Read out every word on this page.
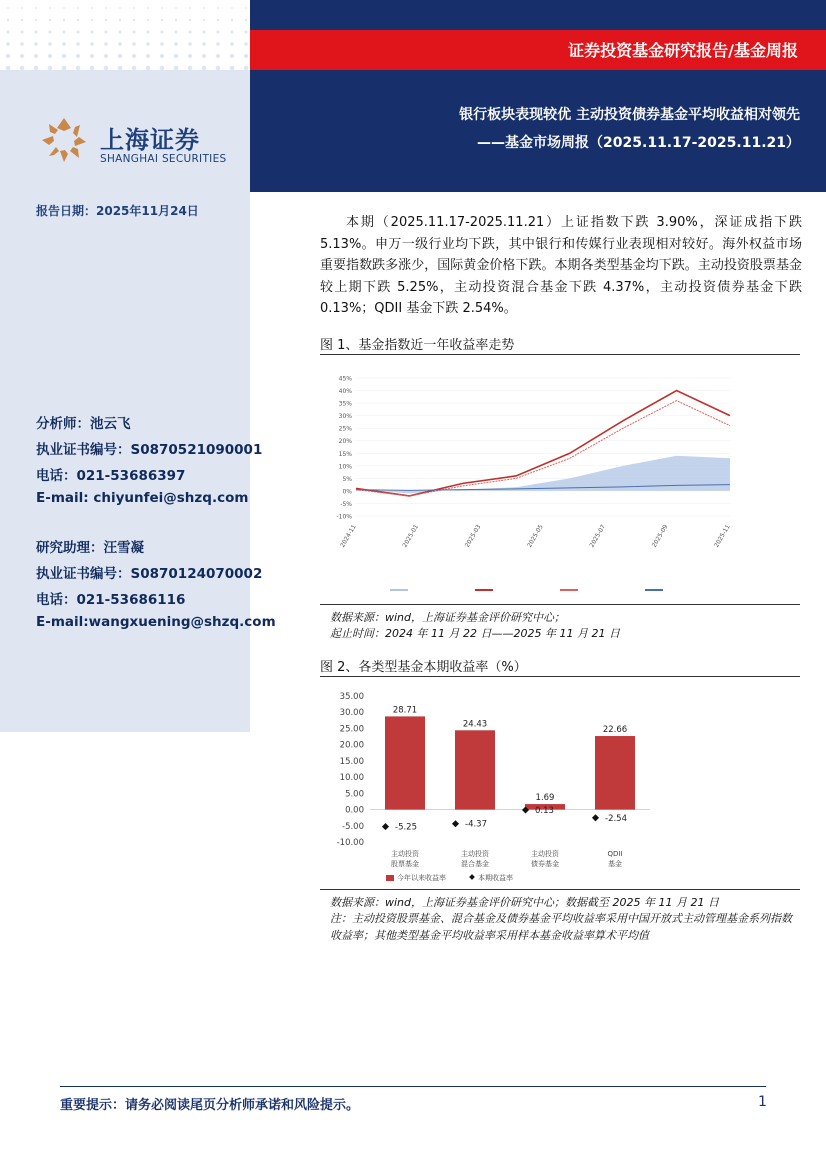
证券投资基金研究报告/基金周报
银行板块表现较优 主动投资债券基金平均收益相对领先
——基金市场周报（2025.11.17-2025.11.21）
上海证券
SHANGHAI SECURITIES
报告日期：2025年11月24日
分析师：池云飞
执业证书编号：S0870521090001
电话：021-53686397
E-mail: chiyunfei@shzq.com
研究助理：汪雪凝
执业证书编号：S0870124070002
电话：021-53686116
E-mail:wangxuening@shzq.com
本期（2025.11.17-2025.11.21）上证指数下跌 3.90%，深证成指下跌 5.13%。申万一级行业均下跌，其中银行和传媒行业表现相对较好。海外权益市场重要指数跌多涨少，国际黄金价格下跌。本期各类型基金均下跌。主动投资股票基金较上期下跌 5.25%，主动投资混合基金下跌 4.37%，主动投资债券基金下跌 0.13%；QDII 基金下跌 2.54%。
图 1、基金指数近一年收益率走势
45%
40%
35%
30%
25%
20%
15%
10%
5%
0%
-5%
-10%
2024-11	2025-01	2025-03	2025-05	2025-07	2025-09	2025-11
数据来源：wind，上海证券基金评价研究中心；
起止时间：2024 年 11 月 22 日——2025 年 11 月 21 日
图 2、各类型基金本期收益率（%）
35.00
30.00
25.00
20.00
15.00
10.00
5.00
0.00
-5.00
-10.00
28.71
-5.25
主动投资
股票基金
24.43
-4.37
主动投资
混合基金
1.69
0.13
主动投资
债券基金
22.66
-2.54
QDII
基金
今年以来收益率	本期收益率
数据来源：wind，上海证券基金评价研究中心；数据截至 2025 年 11 月 21 日
注：主动投资股票基金、混合基金及债券基金平均收益率采用中国开放式主动管理基金系列指数收益率；其他类型基金平均收益率采用样本基金收益率算术平均值
重要提示：请务必阅读尾页分析师承诺和风险提示。	1
